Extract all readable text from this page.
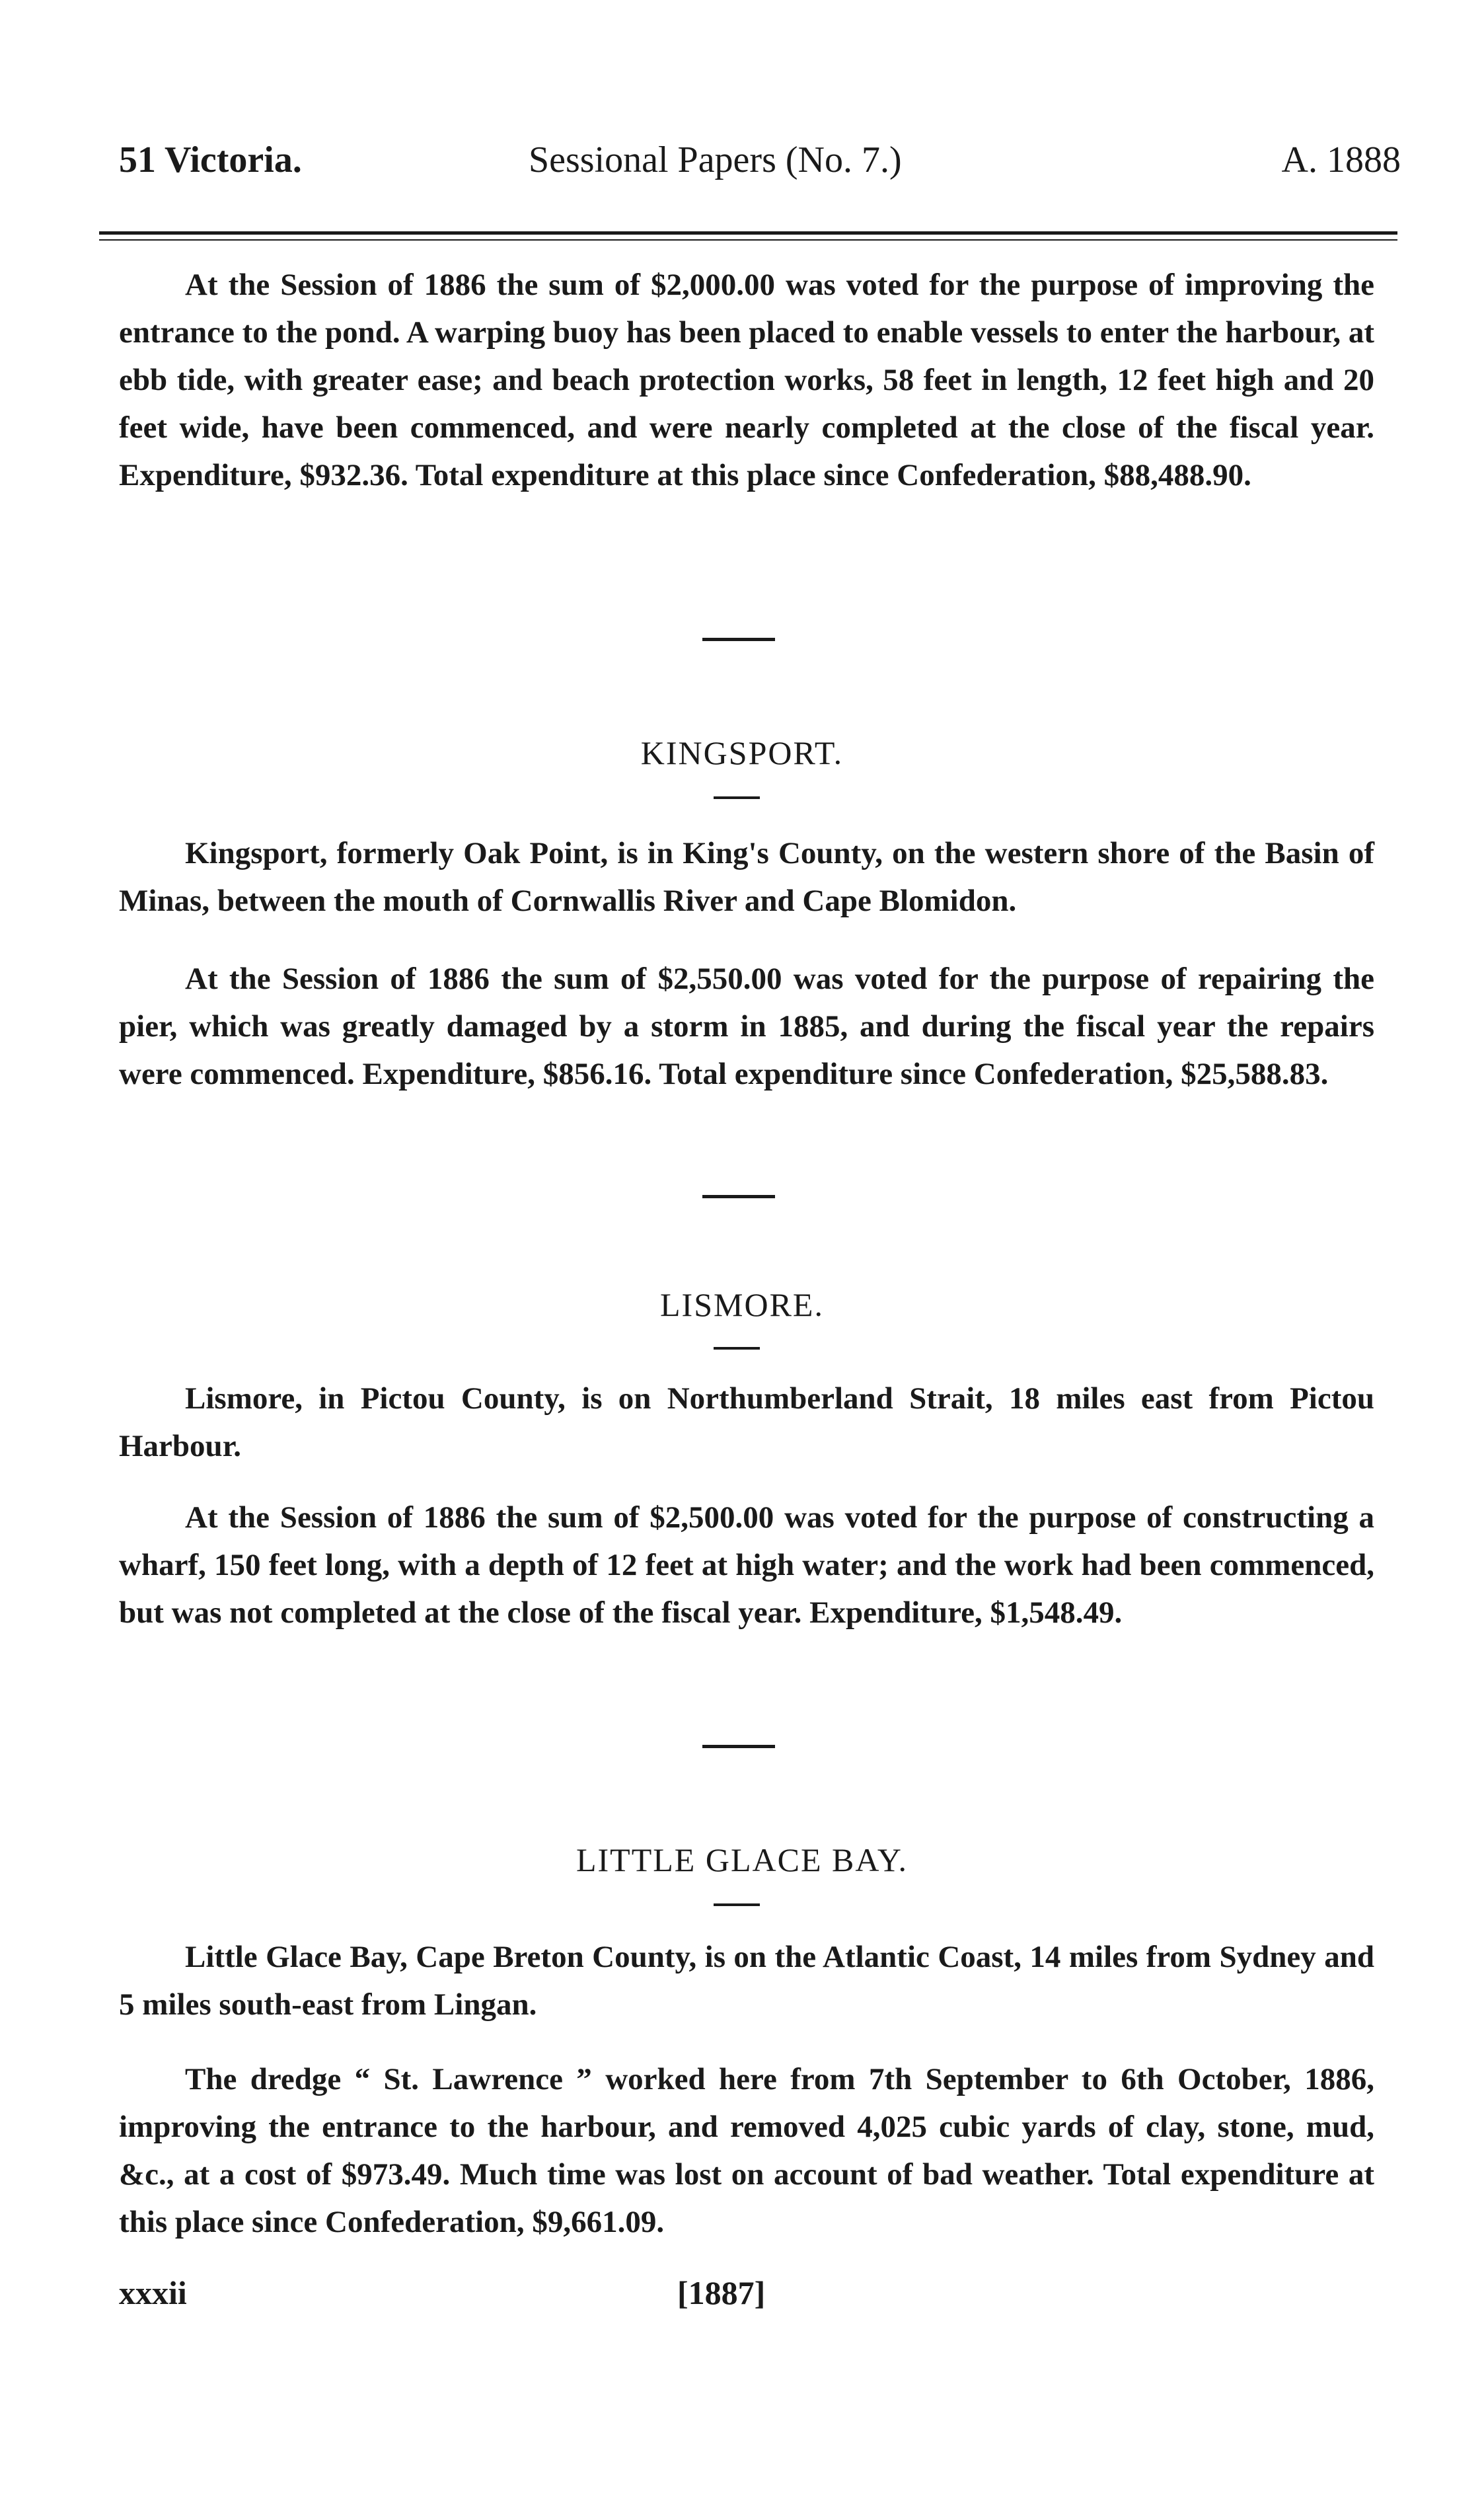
51 Victoria.	Sessional Papers (No. 7.)	A. 1888

At the Session of 1886 the sum of $2,000.00 was voted for the purpose of improving the entrance to the pond. A warping buoy has been placed to enable vessels to enter the harbour, at ebb tide, with greater ease; and beach protection works, 58 feet in length, 12 feet high and 20 feet wide, have been commenced, and were nearly completed at the close of the fiscal year. Expenditure, $932.36. Total expenditure at this place since Confederation, $88,488.90.

KINGSPORT.

Kingsport, formerly Oak Point, is in King's County, on the western shore of the Basin of Minas, between the mouth of Cornwallis River and Cape Blomidon.

At the Session of 1886 the sum of $2,550.00 was voted for the purpose of repairing the pier, which was greatly damaged by a storm in 1885, and during the fiscal year the repairs were commenced. Expenditure, $856.16. Total expenditure since Confederation, $25,588.83.

LISMORE.

Lismore, in Pictou County, is on Northumberland Strait, 18 miles east from Pictou Harbour.

At the Session of 1886 the sum of $2,500.00 was voted for the purpose of constructing a wharf, 150 feet long, with a depth of 12 feet at high water; and the work had been commenced, but was not completed at the close of the fiscal year. Expenditure, $1,548.49.

LITTLE GLACE BAY.

Little Glace Bay, Cape Breton County, is on the Atlantic Coast, 14 miles from Sydney and 5 miles south-east from Lingan.

The dredge “ St. Lawrence ” worked here from 7th September to 6th October, 1886, improving the entrance to the harbour, and removed 4,025 cubic yards of clay, stone, mud, &c., at a cost of $973.49. Much time was lost on account of bad weather. Total expenditure at this place since Confederation, $9,661.09.

xxxii	[1887]
